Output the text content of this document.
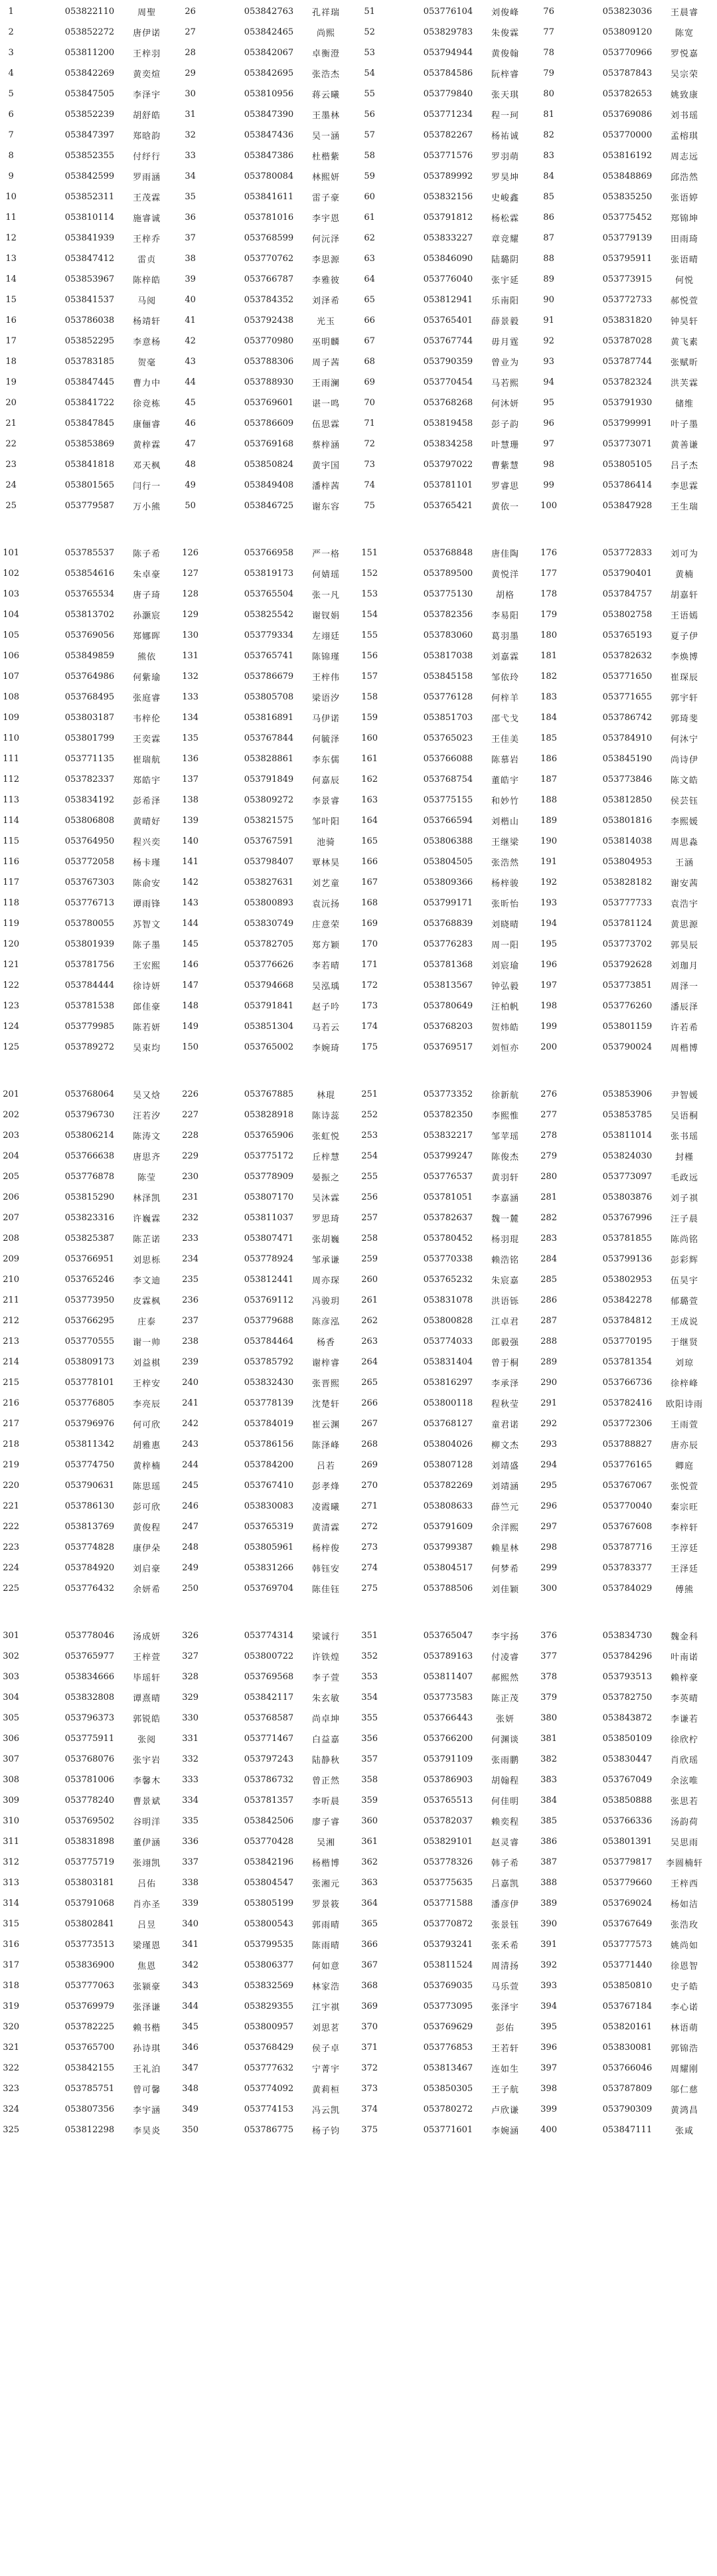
1	053822110	周聖	26	053842763	孔祥瑞	51	053776104	刘俊峰	76	053823036	王晨睿
2	053852272	唐伊诺	27	053842465	尚熙	52	053829783	朱俊霖	77	053809120	陈宽
3	053811200	王梓羽	28	053842067	卓衡澄	53	053794944	黄俊翰	78	053770966	罗悦嘉
4	053842269	黄奕煊	29	053842695	张浩杰	54	053784586	阮梓睿	79	053787843	吴宗荣
5	053847505	李泽宇	30	053810956	蒋云曦	55	053779840	张天琪	80	053782653	姚致康
6	053852239	胡舒皓	31	053847390	王墨林	56	053771234	程一珂	81	053769086	刘书瑶
7	053847397	郑晗韵	32	053847436	吴一涵	57	053782267	杨祐诚	82	053770000	孟榕琪
8	053852355	付纾行	33	053847386	杜楷紫	58	053771576	罗羽萌	83	053816192	周志远
9	053842599	罗雨涵	34	053780084	林熙妍	59	053789992	罗昊坤	84	053848869	邱浩然
10	053852311	王茂霖	35	053841611	雷子豪	60	053832156	史峻鑫	85	053835250	张语婷
11	053810114	施睿诚	36	053781016	李宇恩	61	053791812	杨松霖	86	053775452	郑锦坤
12	053841939	王梓乔	37	053768599	何沅泽	62	053833227	章竞耀	87	053779139	田雨琦
13	053847412	雷贞	38	053770762	李思源	63	053846090	陆璐阴	88	053795911	张语晴
14	053853967	陈梓皓	39	053766787	李雅彼	64	053776040	张宇延	89	053773915	何悦
15	053841537	马阅	40	053784352	刘泽希	65	053812941	乐南阳	90	053772733	郝悦萱
16	053786038	杨靖轩	41	053792438	光玉	66	053765401	薛景毅	91	053831820	钟昊轩
17	053852295	李意杨	42	053770980	巫明麟	67	053767744	毋月霆	92	053787028	黄飞素
18	053783185	贺毫	43	053788306	周子茜	68	053790359	曾业为	93	053787744	张赋昕
19	053847445	曹力中	44	053788930	王雨澜	69	053770454	马若熙	94	053782324	洪芙霖
20	053841722	徐竞栋	45	053769601	谌一鸣	70	053768268	何沐妍	95	053791930	储维
21	053847845	康俪睿	46	053786609	伍思霖	71	053819458	彭子韵	96	053799991	叶子墨
22	053853869	黄梓霖	47	053769168	蔡梓涵	72	053834258	叶慧珊	97	053773071	黄善谦
23	053841818	邓天枫	48	053850824	黄宇国	73	053797022	曹紫慧	98	053805105	吕子杰
24	053801565	闫行一	49	053849408	潘梓茜	74	053781101	罗睿思	99	053786414	李思霖
25	053779587	万小熊	50	053846725	谢东容	75	053765421	黄依一	100	053847928	王生瑞
101	053785537	陈子希	126	053766958	严一格	151	053768848	唐佳陶	176	053772833	刘可为
102	053854616	朱卓豪	127	053819173	何婧瑶	152	053789500	黄悦洋	177	053790401	黄楠
103	053765534	唐子琦	128	053765504	张一凡	153	053775130	胡格	178	053784757	胡嘉轩
104	053813702	孙灏宸	129	053825542	谢钗娟	154	053782356	李易阳	179	053802758	王语嫣
105	053769056	郑娜晖	130	053779334	左翊廷	155	053783060	葛羽墨	180	053765193	夏子伊
106	053849859	熊依	131	053765741	陈锦瑾	156	053817038	刘嘉霖	181	053782632	李焕博
107	053764986	何紫瑜	132	053786679	王梓伟	157	053845158	邹依玲	182	053771650	崔琛辰
108	053768495	张庭睿	133	053805708	梁语汐	158	053776128	何梓羊	183	053771655	郭宇轩
109	053803187	韦梓伦	134	053816891	马伊诺	159	053851703	邵弋戈	184	053786742	郭琦斐
110	053801799	王奕霖	135	053767844	何毓泽	160	053765023	王佳美	185	053784910	何沐宁
111	053771135	崔瑞航	136	053828861	李东儒	161	053766088	陈慕岩	186	053845190	尚诗伊
112	053782337	郑皓宇	137	053791849	何嘉辰	162	053768754	董皓宇	187	053773846	陈文皓
113	053834192	彭希泽	138	053809272	李景睿	163	053775155	和妙竹	188	053812850	侯芸钰
114	053806808	黄晴好	139	053821575	邹叶阳	164	053766594	刘楷山	189	053801816	李熙媛
115	053764950	程兴奕	140	053767591	池骑	165	053806388	王继梁	190	053814038	周思淼
116	053772058	杨卡瑾	141	053798407	覃林昊	166	053804505	张浩然	191	053804953	王涵
117	053767303	陈俞安	142	053827631	刘艺童	167	053809366	杨梓骏	192	053828182	谢安茜
118	053776713	谭雨锋	143	053800893	袁沅扬	168	053799171	张昕怡	193	053777733	袁浩宇
119	053780055	苏智文	144	053830749	庄意荣	169	053768839	刘晓晴	194	053781124	黄思源
120	053801939	陈子墨	145	053782705	郑方颖	170	053776283	周一阳	195	053773702	郭昊辰
121	053781756	王宏熙	146	053776626	李若晴	171	053781368	刘宸瑜	196	053792628	刘珈月
122	053784444	徐诗妍	147	053794668	吴泓瑀	172	053813567	钟弘毅	197	053773851	周泽一
123	053781538	郎佳豪	148	053791841	赵子吟	173	053780649	汪柏帆	198	053776260	潘辰泽
124	053779985	陈若妍	149	053851304	马若云	174	053768203	贺炜皓	199	053801159	许若希
125	053789272	吴束均	150	053765002	李婉琦	175	053769517	刘恒亦	200	053790024	周楷博
201	053768064	吴又焓	226	053767885	林琨	251	053773352	徐新航	276	053853906	尹智媛
202	053796730	汪若汐	227	053828918	陈诗蕊	252	053782350	李熙惟	277	053853785	吴语桐
203	053806214	陈涛文	228	053765906	张虹悦	253	053832217	邹苹瑶	278	053811014	张书瑶
204	053766638	唐思齐	229	053775172	丘梓慧	254	053799247	陈俊杰	279	053824030	封槿
205	053776878	陈莹	230	053778909	晏振之	255	053776537	黄羽轩	280	053773097	毛政远
206	053815290	林泽凯	231	053807170	吴沐霖	256	053781051	李嘉涵	281	053803876	刘子祺
207	053823316	许巍霖	232	053811037	罗思琦	257	053782637	魏一麓	282	053767996	汪子晨
208	053825387	陈芷诺	233	053807471	张胡巍	258	053780452	杨羽琨	283	053781855	陈尚铭
209	053766951	刘思栎	234	053778924	邹承谦	259	053770338	赖浩铭	284	053799136	彭彩辉
210	053765246	李文迪	235	053812441	周亦琛	260	053765232	朱宸嘉	285	053802953	伍昊宇
211	053773950	皮霖枫	236	053769112	冯骏玥	261	053831078	洪语铄	286	053842278	郁璐萱
212	053766295	庄泰	237	053779688	陈彦泓	262	053800828	江卓君	287	053784812	王成说
213	053770555	谢一帅	238	053784464	杨香	263	053774033	郎毅强	288	053770195	于继贤
214	053809173	刘益棋	239	053785792	谢梓睿	264	053831404	曾于桐	289	053781354	刘琼
215	053778101	王梓安	240	053832430	张晋熙	265	053816297	李承泽	290	053766736	徐梓峰
216	053776805	李亮辰	241	053778139	沈楚轩	266	053800118	程秋莹	291	053782416	欧阳诗雨
217	053796976	何可欣	242	053784019	崔云渊	267	053768127	童君诺	292	053772306	王雨萱
218	053811342	胡雅惠	243	053786156	陈泽峰	268	053804026	柳文杰	293	053788827	唐亦辰
219	053774750	黄梓楠	244	053784200	吕若	269	053807128	刘靖盛	294	053776165	卿庭
220	053790631	陈思瑶	245	053767410	彭孝烽	270	053782269	刘靖涵	295	053767067	张悦萱
221	053786130	彭可欣	246	053830083	凌霞曦	271	053808633	薛竺元	296	053770040	秦宗旺
222	053813769	黄俊程	247	053765319	黄清霖	272	053791609	余洋熙	297	053767608	李梓轩
223	053774828	康伊朵	248	053805961	杨梓俊	273	053799387	赖星林	298	053787716	王淳廷
224	053784920	刘启豪	249	053831266	韩钰安	274	053804517	何梦希	299	053783377	王泽廷
225	053776432	余妍希	250	053769704	陈佳钰	275	053788506	刘佳颖	300	053784029	傅熊
301	053778046	汤成妍	326	053774314	梁诚行	351	053765047	李宇扬	376	053834730	魏金科
302	053765977	王梓萱	327	053800722	许铁煌	352	053789163	付凌睿	377	053784296	叶南诺
303	053834666	毕瑶轩	328	053769568	李子萱	353	053811407	郝熙然	378	053793513	赖梓豪
304	053832808	谭熹晴	329	053842117	朱玄敏	354	053773583	陈正茂	379	053782750	李英晴
305	053796373	郭锐皓	330	053768587	尚卓坤	355	053766443	张妍	380	053843872	李谦若
306	053775911	张阅	331	053771467	白益嘉	356	053766200	何渊谈	381	053850109	徐欣柠
307	053768076	张宇岩	332	053797243	陆静秋	357	053791109	张雨鹏	382	053830447	肖欣瑶
308	053781006	李馨木	333	053786732	曾正然	358	053786903	胡翰程	383	053767049	余泫唯
309	053778240	曹景斌	334	053781357	李听晨	359	053765513	何佳明	384	053850888	张思若
310	053769502	谷明洋	335	053842506	廖子睿	360	053782037	赖奕程	385	053766336	汤韵荷
311	053831898	董伊涵	336	053770428	吴湘	361	053829101	赵灵睿	386	053801391	吴思雨
312	053775719	张翊凯	337	053842196	杨楷博	362	053778326	韩子希	387	053779817	李圆楠轩
313	053803181	吕佑	338	053804547	张湘元	363	053775635	吕嘉凯	388	053779660	王梓西
314	053791068	肖亦圣	339	053805199	罗景筱	364	053771588	潘彦伊	389	053769024	杨如洁
315	053802841	吕昱	340	053800543	郭雨晴	365	053770872	张景钰	390	053767649	张浩玫
316	053773513	梁瑾恩	341	053799535	陈雨晴	366	053793241	张禾希	391	053777573	姚尚如
317	053836900	焦恩	342	053806377	何如意	367	053811524	周清扬	392	053771440	徐恩智
318	053777063	张颍豪	343	053832569	林家浩	368	053769035	马乐萱	393	053850810	史子皓
319	053769979	张泽谦	344	053829355	江宇祺	369	053773095	张泽宇	394	053767184	李心诺
320	053782225	赖书楷	345	053800957	刘思茗	370	053769629	彭佑	395	053820161	林语萌
321	053765700	孙诗琪	346	053768429	侯子卓	371	053776853	王若轩	396	053830081	郭锦浩
322	053842155	王礼泊	347	053777632	宁菁宇	372	053813467	连如生	397	053766046	周耀刚
323	053785751	曾可馨	348	053774092	黄莉桓	373	053850305	王子航	398	053787809	邬仁慈
324	053807356	李宇涵	349	053774153	冯云凯	374	053780272	卢欣谦	399	053790309	黄鸿昌
325	053812298	李昊炎	350	053786775	杨子钧	375	053771601	李婉涵	400	053847111	张咸
